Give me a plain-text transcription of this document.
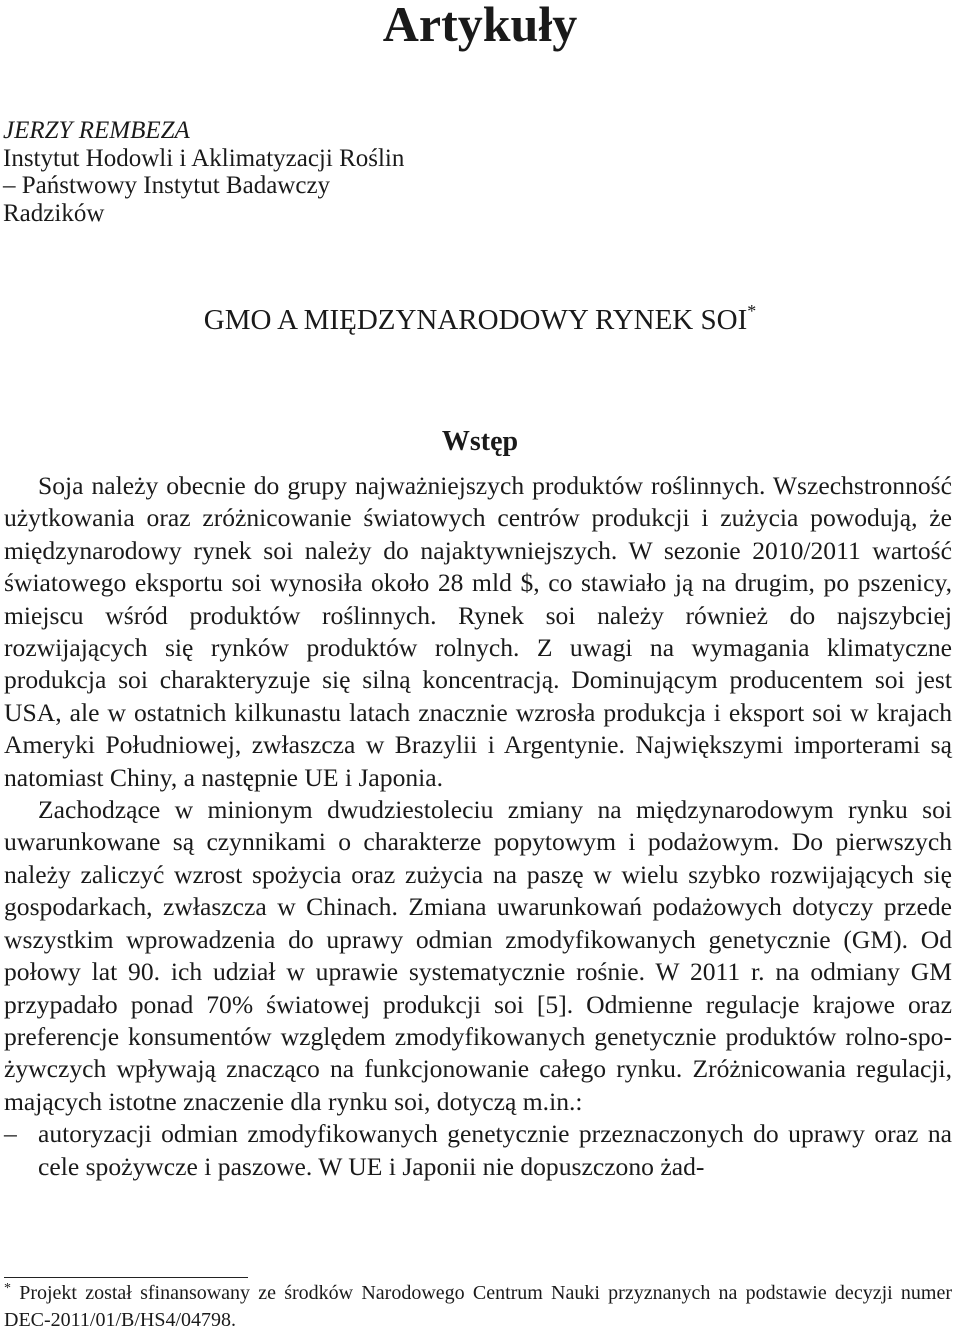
Artykuły
JERZY REMBEZA
Instytut Hodowli i Aklimatyzacji Roślin
– Państwowy Instytut Badawczy
Radzików
GMO A MIĘDZYNARODOWY RYNEK SOI*
Wstęp

Soja należy obecnie do grupy najważniejszych produktów roślinnych. Wszechstronność użytkowania oraz zróżnicowanie światowych centrów produkcji i zużycia powodują, że międzynarodowy rynek soi należy do najaktywniejszych. W sezonie 2010/2011 wartość światowego eksportu soi wynosiła około 28 mld $, co stawiało ją na drugim, po pszenicy, miejscu wśród produktów roślinnych. Rynek soi należy również do najszybciej rozwijających się rynków produktów rolnych. Z uwagi na wymagania klimatyczne produkcja soi charakteryzuje się silną koncentracją. Dominującym producentem soi jest USA, ale w ostatnich kilkunastu latach znacznie wzrosła produkcja i eksport soi w krajach Ameryki Południowej, zwłaszcza w Brazylii i Argentynie. Największymi importerami są natomiast Chiny, a następnie UE i Japonia.

Zachodzące w minionym dwudziestoleciu zmiany na międzynarodowym rynku soi uwarunkowane są czynnikami o charakterze popytowym i podażowym. Do pierwszych należy zaliczyć wzrost spożycia oraz zużycia na paszę w wielu szybko rozwijających się gospodarkach, zwłaszcza w Chinach. Zmiana uwarunkowań podażowych dotyczy przede wszystkim wprowadzenia do uprawy odmian zmodyfikowanych genetycznie (GM). Od połowy lat 90. ich udział w uprawie systematycznie rośnie. W 2011 r. na odmiany GM przypadało ponad 70% światowej produkcji soi [5]. Odmienne regulacje krajowe oraz preferencje konsumentów względem zmodyfikowanych genetycznie produktów rolno-spożywczych wpływają znacząco na funkcjonowanie całego rynku. Zróżnicowania regulacji, mających istotne znaczenie dla rynku soi, dotyczą m.in.:

– autoryzacji odmian zmodyfikowanych genetycznie przeznaczonych do uprawy oraz na cele spożywcze i paszowe. W UE i Japonii nie dopuszczono żad-

* Projekt został sfinansowany ze środków Narodowego Centrum Nauki przyznanych na podstawie decyzji numer DEC-2011/01/B/HS4/04798.
